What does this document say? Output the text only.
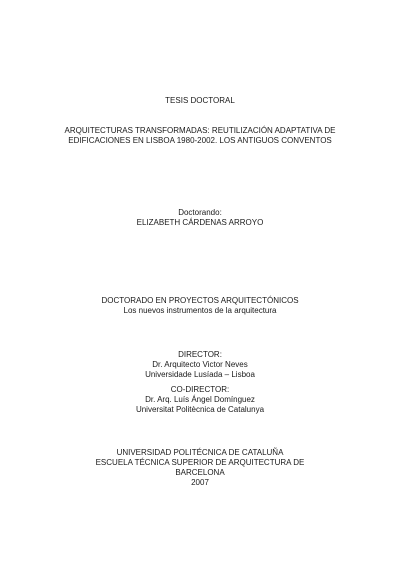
TESIS DOCTORAL
ARQUITECTURAS TRANSFORMADAS: REUTILIZACIÓN ADAPTATIVA DE
EDIFICACIONES EN LISBOA 1980-2002. LOS ANTIGUOS CONVENTOS
Doctorando:
ELIZABETH CÁRDENAS ARROYO
DOCTORADO EN PROYECTOS ARQUITECTÓNICOS
Los nuevos instrumentos de la arquitectura
DIRECTOR:
Dr. Arquitecto Victor Neves
Universidade Lusíada – Lisboa
CO-DIRECTOR:
Dr. Arq. Luís Ángel Domínguez
Universitat Politècnica de Catalunya
UNIVERSIDAD POLITÉCNICA DE CATALUÑA
ESCUELA TÉCNICA SUPERIOR DE ARQUITECTURA DE
BARCELONA
2007
